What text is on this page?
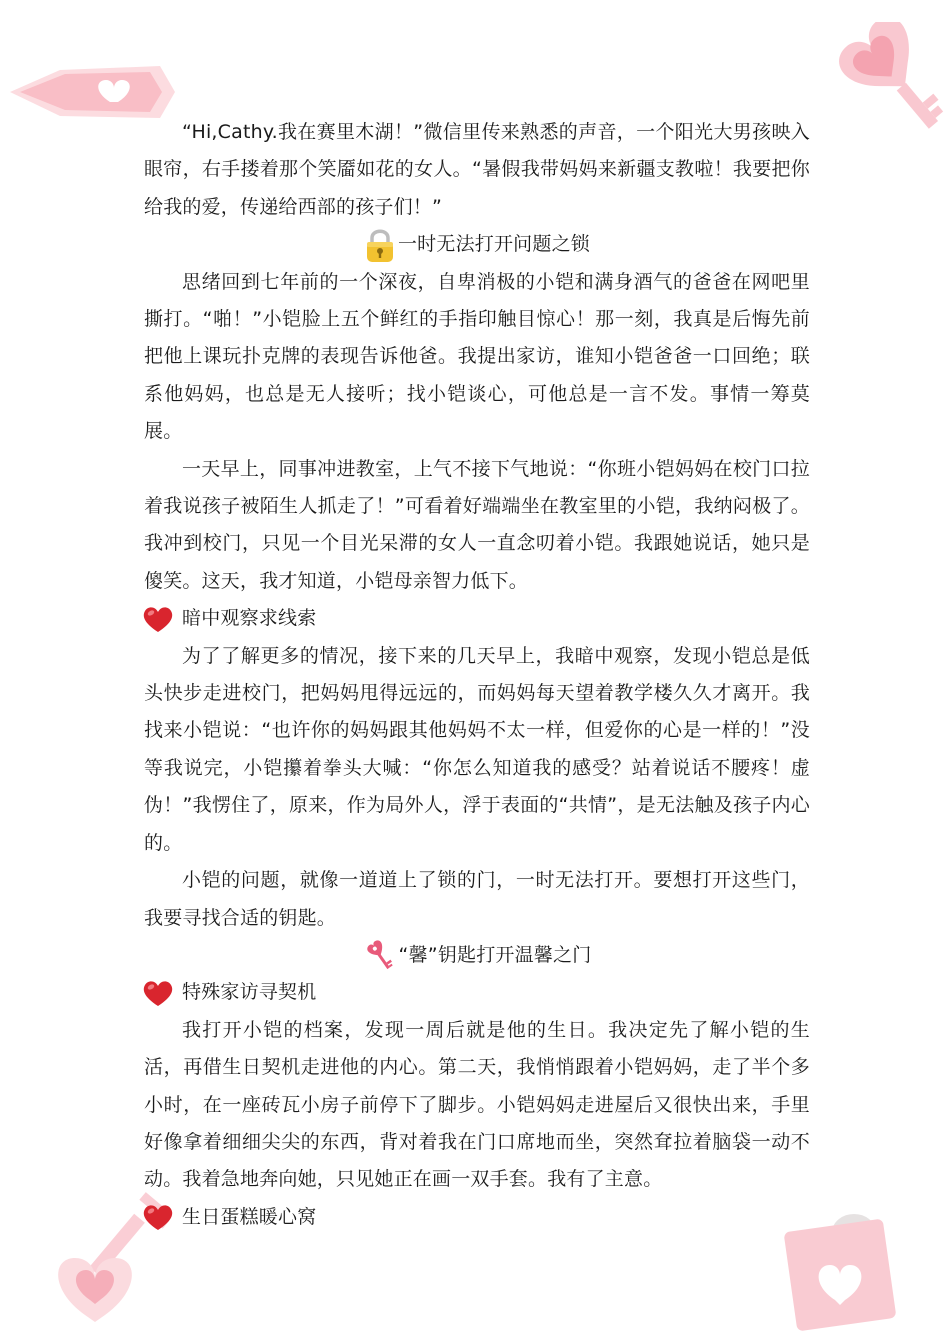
“Hi,Cathy.我在赛里木湖！”微信里传来熟悉的声音，一个阳光大男孩映入眼帘，右手搂着那个笑靥如花的女人。“暑假我带妈妈来新疆支教啦！我要把你给我的爱，传递给西部的孩子们！”

一时无法打开问题之锁

思绪回到七年前的一个深夜，自卑消极的小铠和满身酒气的爸爸在网吧里撕打。“啪！”小铠脸上五个鲜红的手指印触目惊心！那一刻，我真是后悔先前把他上课玩扑克牌的表现告诉他爸。我提出家访，谁知小铠爸爸一口回绝；联系他妈妈，也总是无人接听；找小铠谈心，可他总是一言不发。事情一筹莫展。

一天早上，同事冲进教室，上气不接下气地说：“你班小铠妈妈在校门口拉着我说孩子被陌生人抓走了！”可看着好端端坐在教室里的小铠，我纳闷极了。我冲到校门，只见一个目光呆滞的女人一直念叨着小铠。我跟她说话，她只是傻笑。这天，我才知道，小铠母亲智力低下。

暗中观察求线索

为了了解更多的情况，接下来的几天早上，我暗中观察，发现小铠总是低头快步走进校门，把妈妈甩得远远的，而妈妈每天望着教学楼久久才离开。我找来小铠说：“也许你的妈妈跟其他妈妈不太一样，但爱你的心是一样的！”没等我说完，小铠攥着拳头大喊：“你怎么知道我的感受？站着说话不腰疼！虚伪！”我愣住了，原来，作为局外人，浮于表面的“共情”，是无法触及孩子内心的。

小铠的问题，就像一道道上了锁的门，一时无法打开。要想打开这些门，我要寻找合适的钥匙。

“馨”钥匙打开温馨之门
特殊家访寻契机

我打开小铠的档案，发现一周后就是他的生日。我决定先了解小铠的生活，再借生日契机走进他的内心。第二天，我悄悄跟着小铠妈妈，走了半个多小时，在一座砖瓦小房子前停下了脚步。小铠妈妈走进屋后又很快出来，手里好像拿着细细尖尖的东西，背对着我在门口席地而坐，突然耷拉着脑袋一动不动。我着急地奔向她，只见她正在画一双手套。我有了主意。

生日蛋糕暖心窝
